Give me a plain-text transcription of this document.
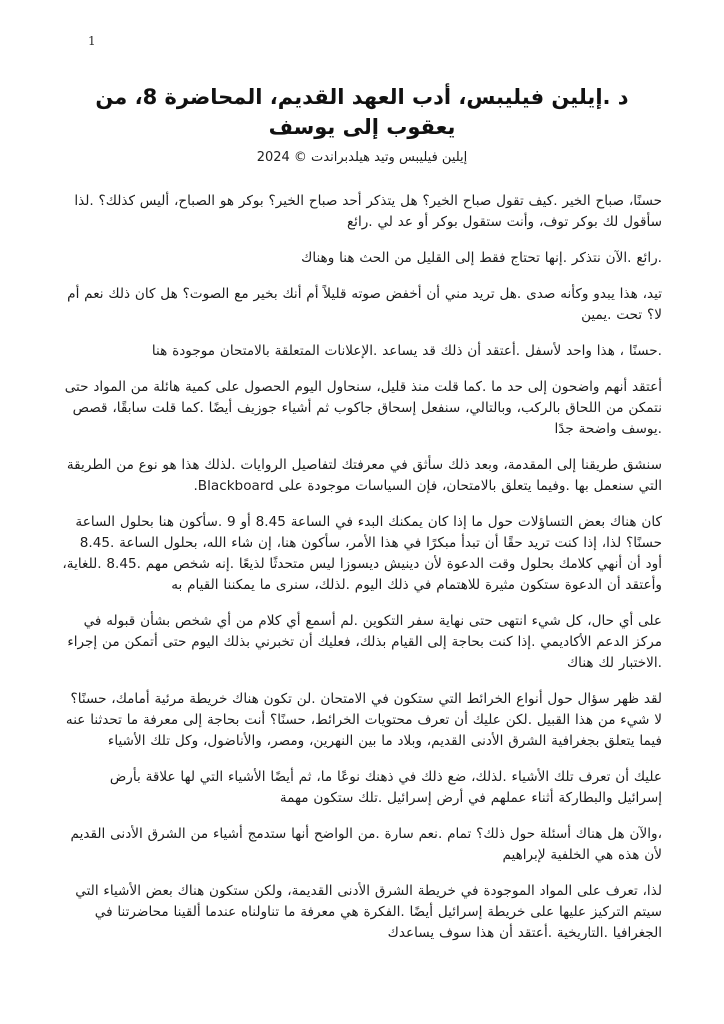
1
د .إيلين فيليبس، أدب العهد القديم، المحاضرة 8، من يعقوب إلى يوسف
إيلين فيليبس وتيد هيلدبراندت © 2024

حسنًا، صباح الخير .كيف تقول صباح الخير؟ هل يتذكر أحد صباح الخير؟ بوكر هو الصباح، أليس كذلك؟ .لذا سأقول لك بوكر توف، وأنت ستقول بوكر أو عد لي .رائع

.رائع .الآن نتذكر .إنها تحتاج فقط إلى القليل من الحث هنا وهناك

تيد، هذا يبدو وكأنه صدى .هل تريد مني أن أخفض صوته قليلاً أم أنك بخير مع الصوت؟ هل كان ذلك نعم أم لا؟ تحت .يمين

.حسنًا ، هذا واحد لأسفل .أعتقد أن ذلك قد يساعد .الإعلانات المتعلقة بالامتحان موجودة هنا

أعتقد أنهم واضحون إلى حد ما .كما قلت منذ قليل، سنحاول اليوم الحصول على كمية هائلة من المواد حتى نتمكن من اللحاق بالركب، وبالتالي، سنفعل إسحاق جاكوب ثم أشياء جوزيف أيضًا .كما قلت سابقًا، قصص .يوسف واضحة جدًا

سنشق طريقنا إلى المقدمة، وبعد ذلك سأثق في معرفتك لتفاصيل الروايات .لذلك هذا هو نوع من الطريقة التي سنعمل بها .وفيما يتعلق بالامتحان، فإن السياسات موجودة على Blackboard.

كان هناك بعض التساؤلات حول ما إذا كان يمكنك البدء في الساعة 8.45 أو 9 .سأكون هنا بحلول الساعة حسنًا؟ لذا، إذا كنت تريد حقًا أن تبدأ مبكرًا في هذا الأمر، سأكون هنا، إن شاء الله، بحلول الساعة .8.45 أود أن أنهي كلامك بحلول وقت الدعوة لأن دينيش ديسوزا ليس متحدثًا لذيعًا .إنه شخص مهم .8.45 .للغاية، وأعتقد أن الدعوة ستكون مثيرة للاهتمام في ذلك اليوم .لذلك، سنرى ما يمكننا القيام به

على أي حال، كل شيء انتهى حتى نهاية سفر التكوين .لم أسمع أي كلام من أي شخص بشأن قبوله في مركز الدعم الأكاديمي .إذا كنت بحاجة إلى القيام بذلك، فعليك أن تخبرني بذلك اليوم حتى أتمكن من إجراء .الاختبار لك هناك

لقد ظهر سؤال حول أنواع الخرائط التي ستكون في الامتحان .لن تكون هناك خريطة مرئية أمامك، حسنًا؟ لا شيء من هذا القبيل .لكن عليك أن تعرف محتويات الخرائط، حسنًا؟ أنت بحاجة إلى معرفة ما تحدثنا عنه فيما يتعلق بجغرافية الشرق الأدنى القديم، وبلاد ما بين النهرين، ومصر، والأناضول، وكل تلك الأشياء

عليك أن تعرف تلك الأشياء .لذلك، ضع ذلك في ذهنك نوعًا ما، ثم أيضًا الأشياء التي لها علاقة بأرض إسرائيل والبطاركة أثناء عملهم في أرض إسرائيل .تلك ستكون مهمة

،والآن هل هناك أسئلة حول ذلك؟ تمام .نعم سارة .من الواضح أنها ستدمج أشياء من الشرق الأدنى القديم لأن هذه هي الخلفية لإبراهيم

لذا، تعرف على المواد الموجودة في خريطة الشرق الأدنى القديمة، ولكن ستكون هناك بعض الأشياء التي سيتم التركيز عليها على خريطة إسرائيل أيضًا .الفكرة هي معرفة ما تناولناه عندما ألقينا محاضرتنا في الجغرافيا .التاريخية .أعتقد أن هذا سوف يساعدك
